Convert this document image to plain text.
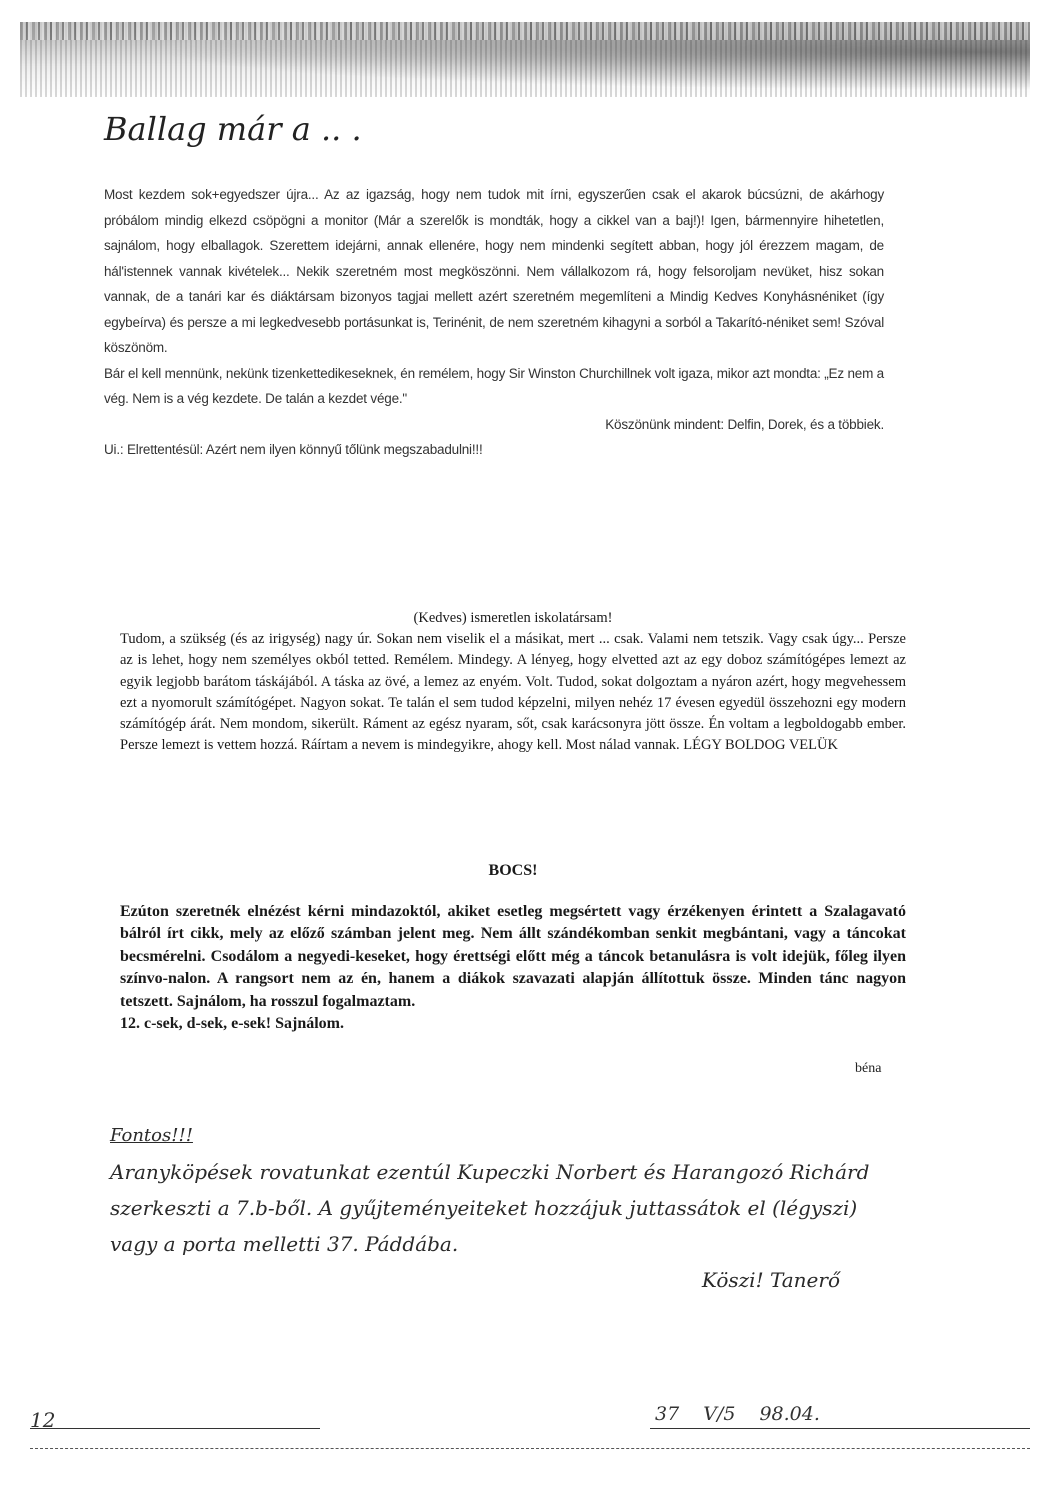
Ballag már a .. .

Most kezdem sok+egyedszer újra... Az az igazság, hogy nem tudok mit írni, egyszerűen csak el akarok búcsúzni, de akárhogy próbálom mindig elkezd csöpögni a monitor (Már a szerelők is mondták, hogy a cikkel van a baj!)! Igen, bármennyire hihetetlen, sajnálom, hogy elballagok. Szerettem idejárni, annak ellenére, hogy nem mindenki segített abban, hogy jól érezzem magam, de hál'istennek vannak kivételek... Nekik szeretném most megköszönni. Nem vállalkozom rá, hogy felsoroljam nevüket, hisz sokan vannak, de a tanári kar és diáktársam bizonyos tagjai mellett azért szeretném megemlíteni a Mindig Kedves Konyhásnéniket (így egybeírva) és persze a mi legkedvesebb portásunkat is, Terinénit, de nem szeretném kihagyni a sorból a Takarító-néniket sem! Szóval köszönöm.

Bár el kell mennünk, nekünk tizenkettedikeseknek, én remélem, hogy Sir Winston Churchillnek volt igaza, mikor azt mondta: „Ez nem a vég. Nem is a vég kezdete. De talán a kezdet vége."

Köszönünk mindent: Delfin, Dorek, és a többiek.

Ui.: Elrettentésül: Azért nem ilyen könnyű tőlünk megszabadulni!!!

(Kedves) ismeretlen iskolatársam!

Tudom, a szükség (és az irigység) nagy úr. Sokan nem viselik el a másikat, mert ... csak. Valami nem tetszik. Vagy csak úgy... Persze az is lehet, hogy nem személyes okból tetted. Remélem. Mindegy. A lényeg, hogy elvetted azt az egy doboz számítógépes lemezt az egyik legjobb barátom táskájából. A táska az övé, a lemez az enyém. Volt. Tudod, sokat dolgoztam a nyáron azért, hogy megvehessem ezt a nyomorult számítógépet. Nagyon sokat. Te talán el sem tudod képzelni, milyen nehéz 17 évesen egyedül összehozni egy modern számítógép árát. Nem mondom, sikerült. Ráment az egész nyaram, sőt, csak karácsonyra jött össze. Én voltam a legboldogabb ember. Persze lemezt is vettem hozzá. Ráírtam a nevem is mindegyikre, ahogy kell. Most nálad vannak. LÉGY BOLDOG VELÜK

BOCS!

Ezúton szeretnék elnézést kérni mindazoktól, akiket esetleg megsértett vagy érzékenyen érintett a Szalagavató bálról írt cikk, mely az előző számban jelent meg. Nem állt szándékomban senkit megbántani, vagy a táncokat becsmérelni. Csodálom a negyedi-keseket, hogy érettségi előtt még a táncok betanulásra is volt idejük, főleg ilyen színvo-nalon. A rangsort nem az én, hanem a diákok szavazati alapján állítottuk össze. Minden tánc nagyon tetszett. Sajnálom, ha rosszul fogalmaztam.

12. c-sek, d-sek, e-sek! Sajnálom.

béna

Fontos!!!

Aranyköpések rovatunkat ezentúl Kupeczki Norbert és Harangozó Richárd szerkeszti a 7.b-ből. A gyűjteményeiteket hozzájuk juttassátok el (légyszi) vagy a porta melletti 37. Páddába.

Köszi! Tanerő

12	37 V/5 98.04.
